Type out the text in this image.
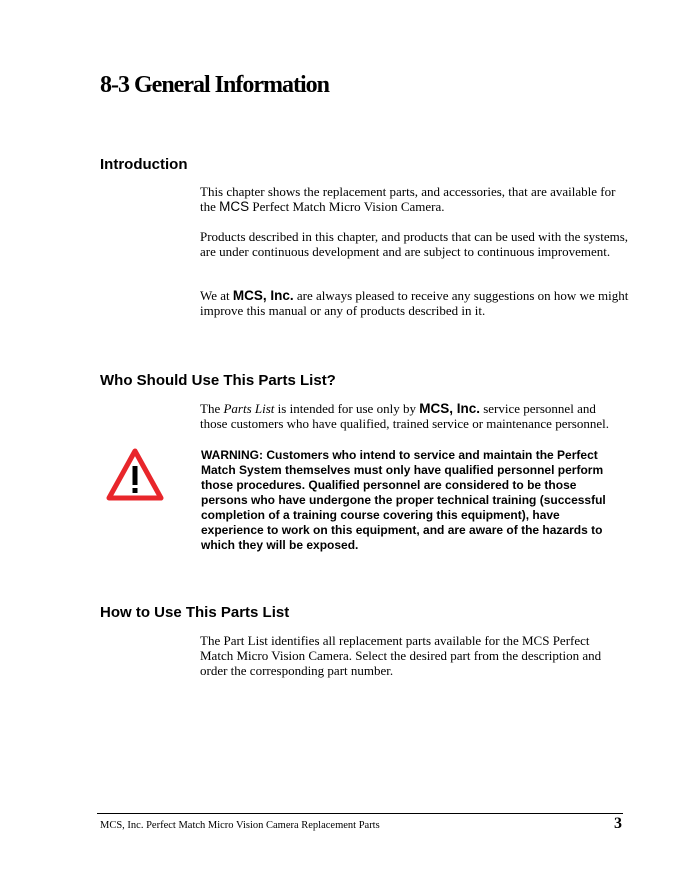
8-3 General Information
Introduction

This chapter shows the replacement parts, and accessories, that are available for the MCS Perfect Match Micro Vision Camera.

Products described in this chapter, and products that can be used with the systems, are under continuous development and are subject to continuous improvement.

We at MCS, Inc. are always pleased to receive any suggestions on how we might improve this manual or any of products described in it.

Who Should Use This Parts List?

The Parts List is intended for use only by MCS, Inc. service personnel and those customers who have qualified, trained service or maintenance personnel.

WARNING: Customers who intend to service and maintain the Perfect Match System themselves must only have qualified personnel perform those procedures. Qualified personnel are considered to be those persons who have undergone the proper technical training (successful completion of a training course covering this equipment), have experience to work on this equipment, and are aware of the hazards to which they will be exposed.

How to Use This Parts List

The Part List identifies all replacement parts available for the MCS Perfect Match Micro Vision Camera. Select the desired part from the description and order the corresponding part number.

MCS, Inc. Perfect Match Micro Vision Camera Replacement Parts	3
